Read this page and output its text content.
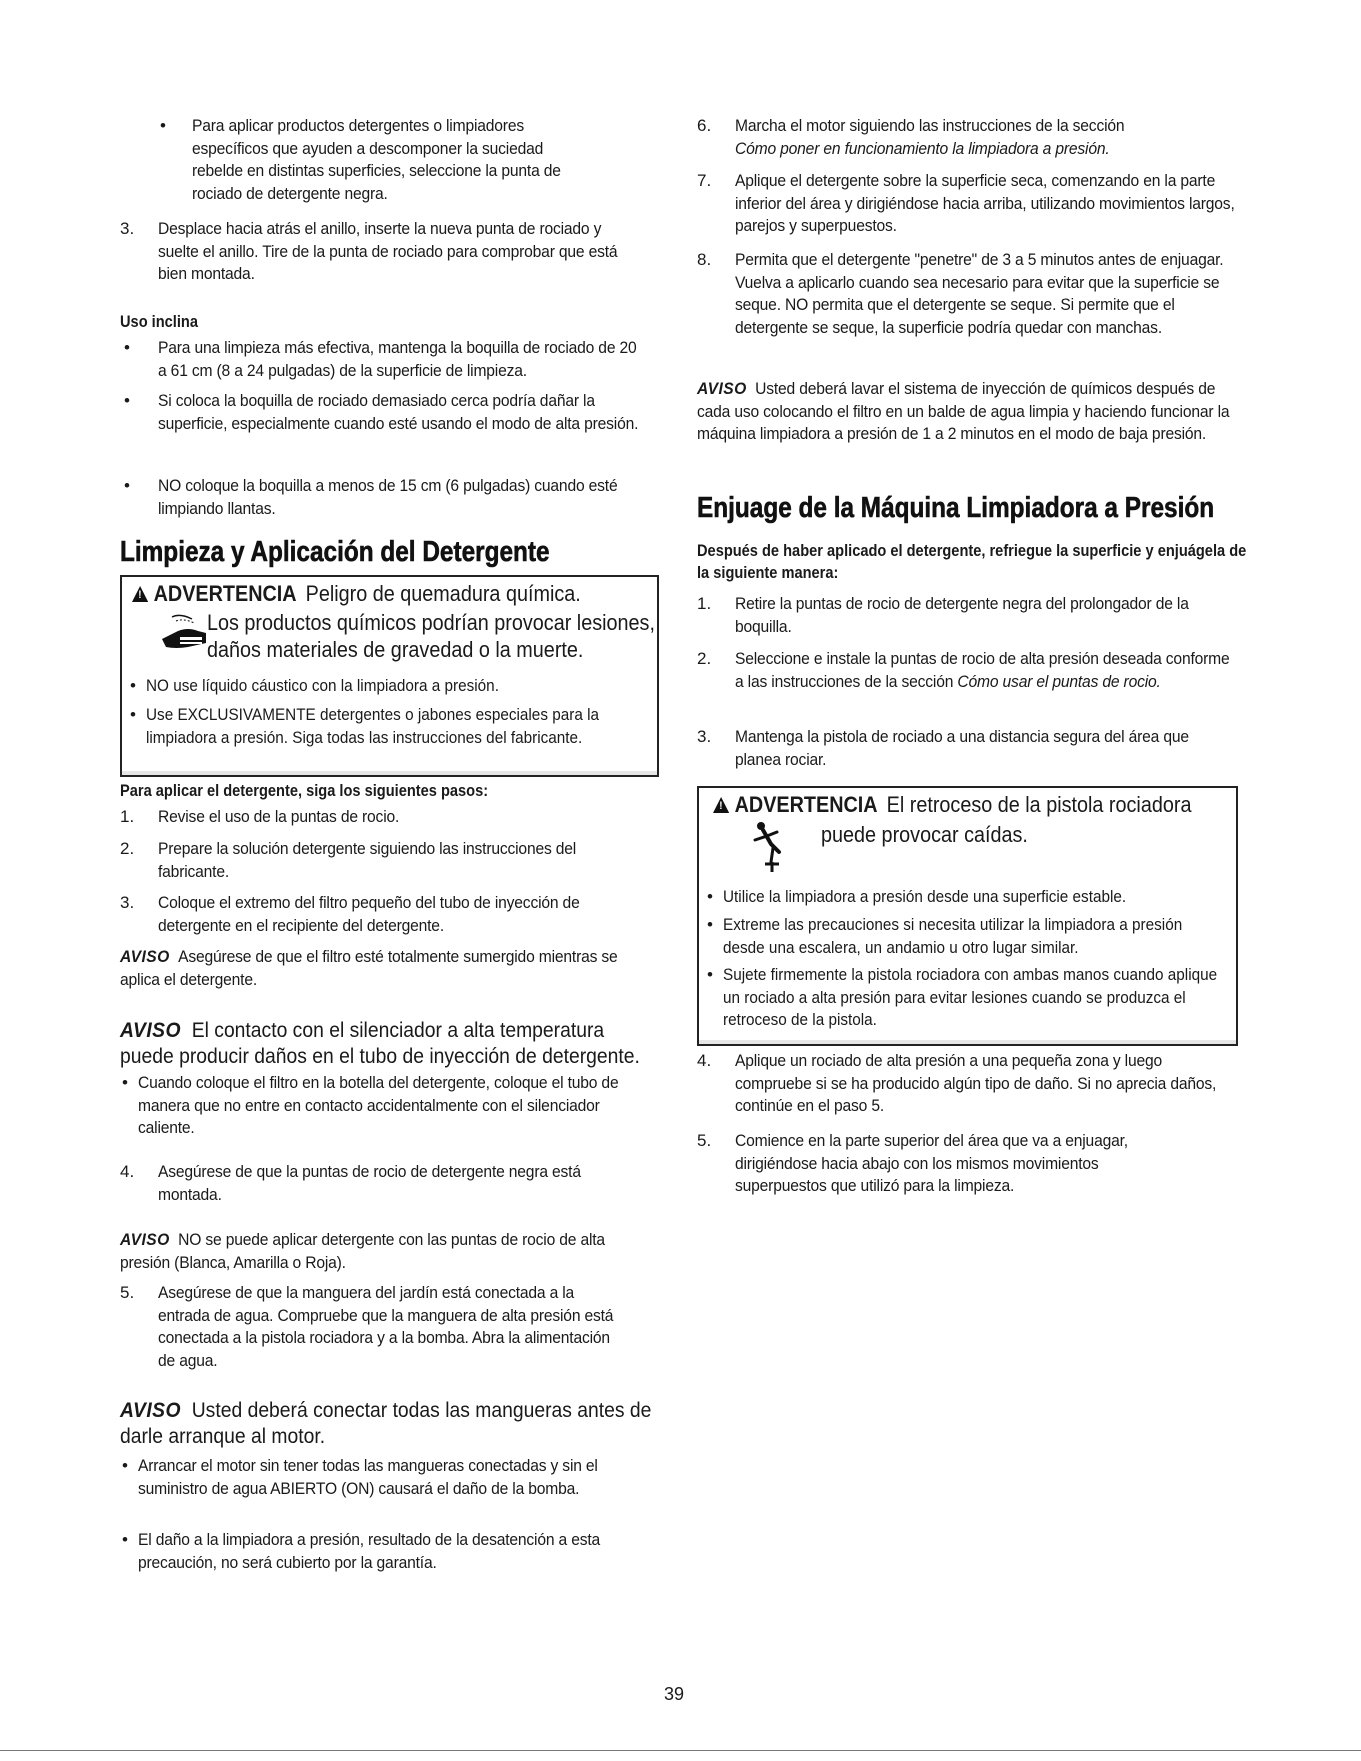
•	Para aplicar productos detergentes o limpiadores específicos que ayuden a descomponer la suciedad rebelde en distintas superficies, seleccione la punta de rociado de detergente negra.
3.	Desplace hacia atrás el anillo, inserte la nueva punta de rociado y suelte el anillo. Tire de la punta de rociado para comprobar que está bien montada.
Uso inclina
•	Para una limpieza más efectiva, mantenga la boquilla de rociado de 20 a 61 cm (8 a 24 pulgadas) de la superficie de limpieza.
•	Si coloca la boquilla de rociado demasiado cerca podría dañar la superficie, especialmente cuando esté usando el modo de alta presión.
•	NO coloque la boquilla a menos de 15 cm (6 pulgadas) cuando esté limpiando llantas.
Limpieza y Aplicación del Detergente
!ADVERTENCIA Peligro de quemadura química.
Los productos químicos podrían provocar lesiones,
daños materiales de gravedad o la muerte.
• NO use líquido cáustico con la limpiadora a presión.
• Use EXCLUSIVAMENTE detergentes o jabones especiales para la limpiadora a presión. Siga todas las instrucciones del fabricante.
Para aplicar el detergente, siga los siguientes pasos:
1.	Revise el uso de la puntas de rocio.
2.	Prepare la solución detergente siguiendo las instrucciones del fabricante.
3.	Coloque el extremo del filtro pequeño del tubo de inyección de detergente en el recipiente del detergente.

AVISO Asegúrese de que el filtro esté totalmente sumergido mientras se aplica el detergente.

AVISO El contacto con el silenciador a alta temperatura puede producir daños en el tubo de inyección de detergente.

• Cuando coloque el filtro en la botella del detergente, coloque el tubo de manera que no entre en contacto accidentalmente con el silenciador caliente.
4.	Asegúrese de que la puntas de rocio de detergente negra está montada.

AVISO NO se puede aplicar detergente con las puntas de rocio de alta presión (Blanca, Amarilla o Roja).

5.	Asegúrese de que la manguera del jardín está conectada a la entrada de agua. Compruebe que la manguera de alta presión está conectada a la pistola rociadora y a la bomba. Abra la alimentación de agua.

AVISO Usted deberá conectar todas las mangueras antes de darle arranque al motor.

• Arrancar el motor sin tener todas las mangueras conectadas y sin el suministro de agua ABIERTO (ON) causará el daño de la bomba.
• El daño a la limpiadora a presión, resultado de la desatención a esta precaución, no será cubierto por la garantía.
6.	Marcha el motor siguiendo las instrucciones de la sección
Cómo poner en funcionamiento la limpiadora a presión.
7.	Aplique el detergente sobre la superficie seca, comenzando en la parte inferior del área y dirigiéndose hacia arriba, utilizando movimientos largos, parejos y superpuestos.
8.	Permita que el detergente "penetre" de 3 a 5 minutos antes de enjuagar. Vuelva a aplicarlo cuando sea necesario para evitar que la superficie se seque. NO permita que el detergente se seque. Si permite que el detergente se seque, la superficie podría quedar con manchas.

AVISO Usted deberá lavar el sistema de inyección de químicos después de cada uso colocando el filtro en un balde de agua limpia y haciendo funcionar la máquina limpiadora a presión de 1 a 2 minutos en el modo de baja presión.

Enjuage de la Máquina Limpiadora a Presión
Después de haber aplicado el detergente, refriegue la superficie y enjuágela de la siguiente manera:
1.	Retire la puntas de rocio de detergente negra del prolongador de la boquilla.
2.	Seleccione e instale la puntas de rocio de alta presión deseada conforme a las instrucciones de la sección Cómo usar el puntas de rocio.
3.	Mantenga la pistola de rociado a una distancia segura del área que planea rociar.
!ADVERTENCIA El retroceso de la pistola rociadora
puede provocar caídas.
• Utilice la limpiadora a presión desde una superficie estable.
• Extreme las precauciones si necesita utilizar la limpiadora a presión desde una escalera, un andamio u otro lugar similar.
• Sujete firmemente la pistola rociadora con ambas manos cuando aplique un rociado a alta presión para evitar lesiones cuando se produzca el retroceso de la pistola.
4.	Aplique un rociado de alta presión a una pequeña zona y luego compruebe si se ha producido algún tipo de daño. Si no aprecia daños, continúe en el paso 5.
5.	Comience en la parte superior del área que va a enjuagar, dirigiéndose hacia abajo con los mismos movimientos superpuestos que utilizó para la limpieza.
39
